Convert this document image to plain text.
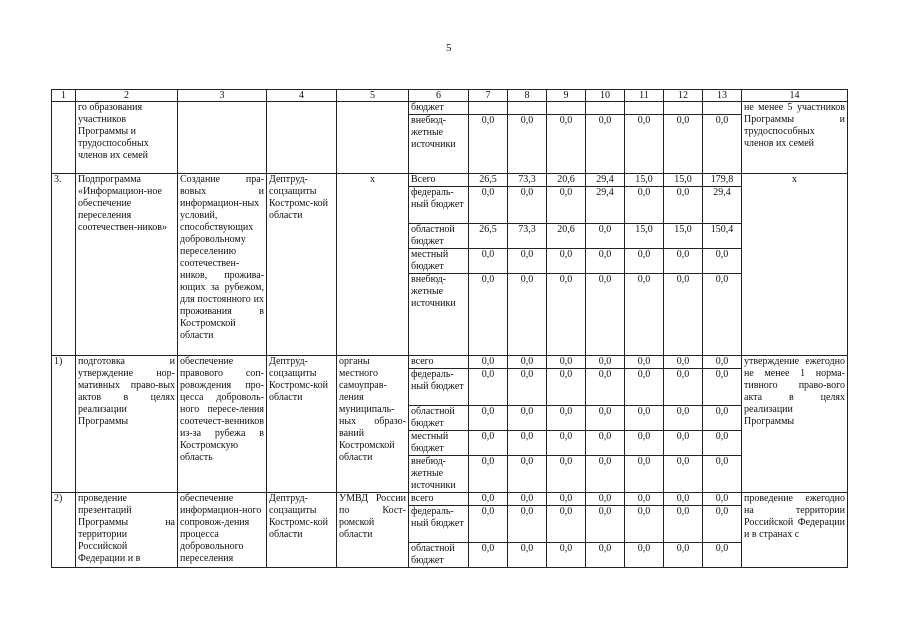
5
1	2	3	4	5	6	7	8	9	10	11	12	13	14
	го образования участников Программы и трудоспособных членов их семей				бюджет								не менее 5 участников Программы и трудоспособных членов их семей
					внебюд-жетные источники	0,0	0,0	0,0	0,0	0,0	0,0	0,0	
3.	Подпрограмма «Информацион-ное обеспечение переселения соотечествен-ников»	Создание пра-вовых и информацион-ных условий, способствующих добровольному переселению соотечествен-ников, прожива-ющих за рубежом, для постоянного их проживания в Костромской области	Дептруд-соцзащиты Костромс-кой области	х	Всего	26,5	73,3	20,6	29,4	15,0	15,0	179,8	х
					федераль-ный бюджет	0,0	0,0	0,0	29,4	0,0	0,0	29,4	
					областной бюджет	26,5	73,3	20,6	0,0	15,0	15,0	150,4	
					местный бюджет	0,0	0,0	0,0	0,0	0,0	0,0	0,0	
					внебюд-жетные источники	0,0	0,0	0,0	0,0	0,0	0,0	0,0	
1)	подготовка и утверждение нор-мативных право-вых актов в целях реализации Программы	обеспечение правового соп-ровождения про-цесса доброволь-ного пересе-ления соотечест-венников из-за рубежа в Костромскую область	Дептруд-соцзащиты Костромс-кой области	органы местного самоуправ-ления муниципаль-ных образо-ваний Костромской области	всего	0,0	0,0	0,0	0,0	0,0	0,0	0,0	утверждение ежегодно не менее 1 норма-тивного право-вого акта в целях реализации Программы
					федераль-ный бюджет	0,0	0,0	0,0	0,0	0,0	0,0	0,0	
					областной бюджет	0,0	0,0	0,0	0,0	0,0	0,0	0,0	
					местный бюджет	0,0	0,0	0,0	0,0	0,0	0,0	0,0	
					внебюд-жетные источники	0,0	0,0	0,0	0,0	0,0	0,0	0,0	
2)	проведение презентаций Программы на территории Российской Федерации и в	обеспечение информацион-ного сопровож-дения процесса добровольного переселения	Дептруд-соцзащиты Костромс-кой области	УМВД России по Кост-ромской области	всего	0,0	0,0	0,0	0,0	0,0	0,0	0,0	проведение ежегодно на территории Российской Федерации и в странах с
					федераль-ный бюджет	0,0	0,0	0,0	0,0	0,0	0,0	0,0	
					областной бюджет	0,0	0,0	0,0	0,0	0,0	0,0	0,0	
